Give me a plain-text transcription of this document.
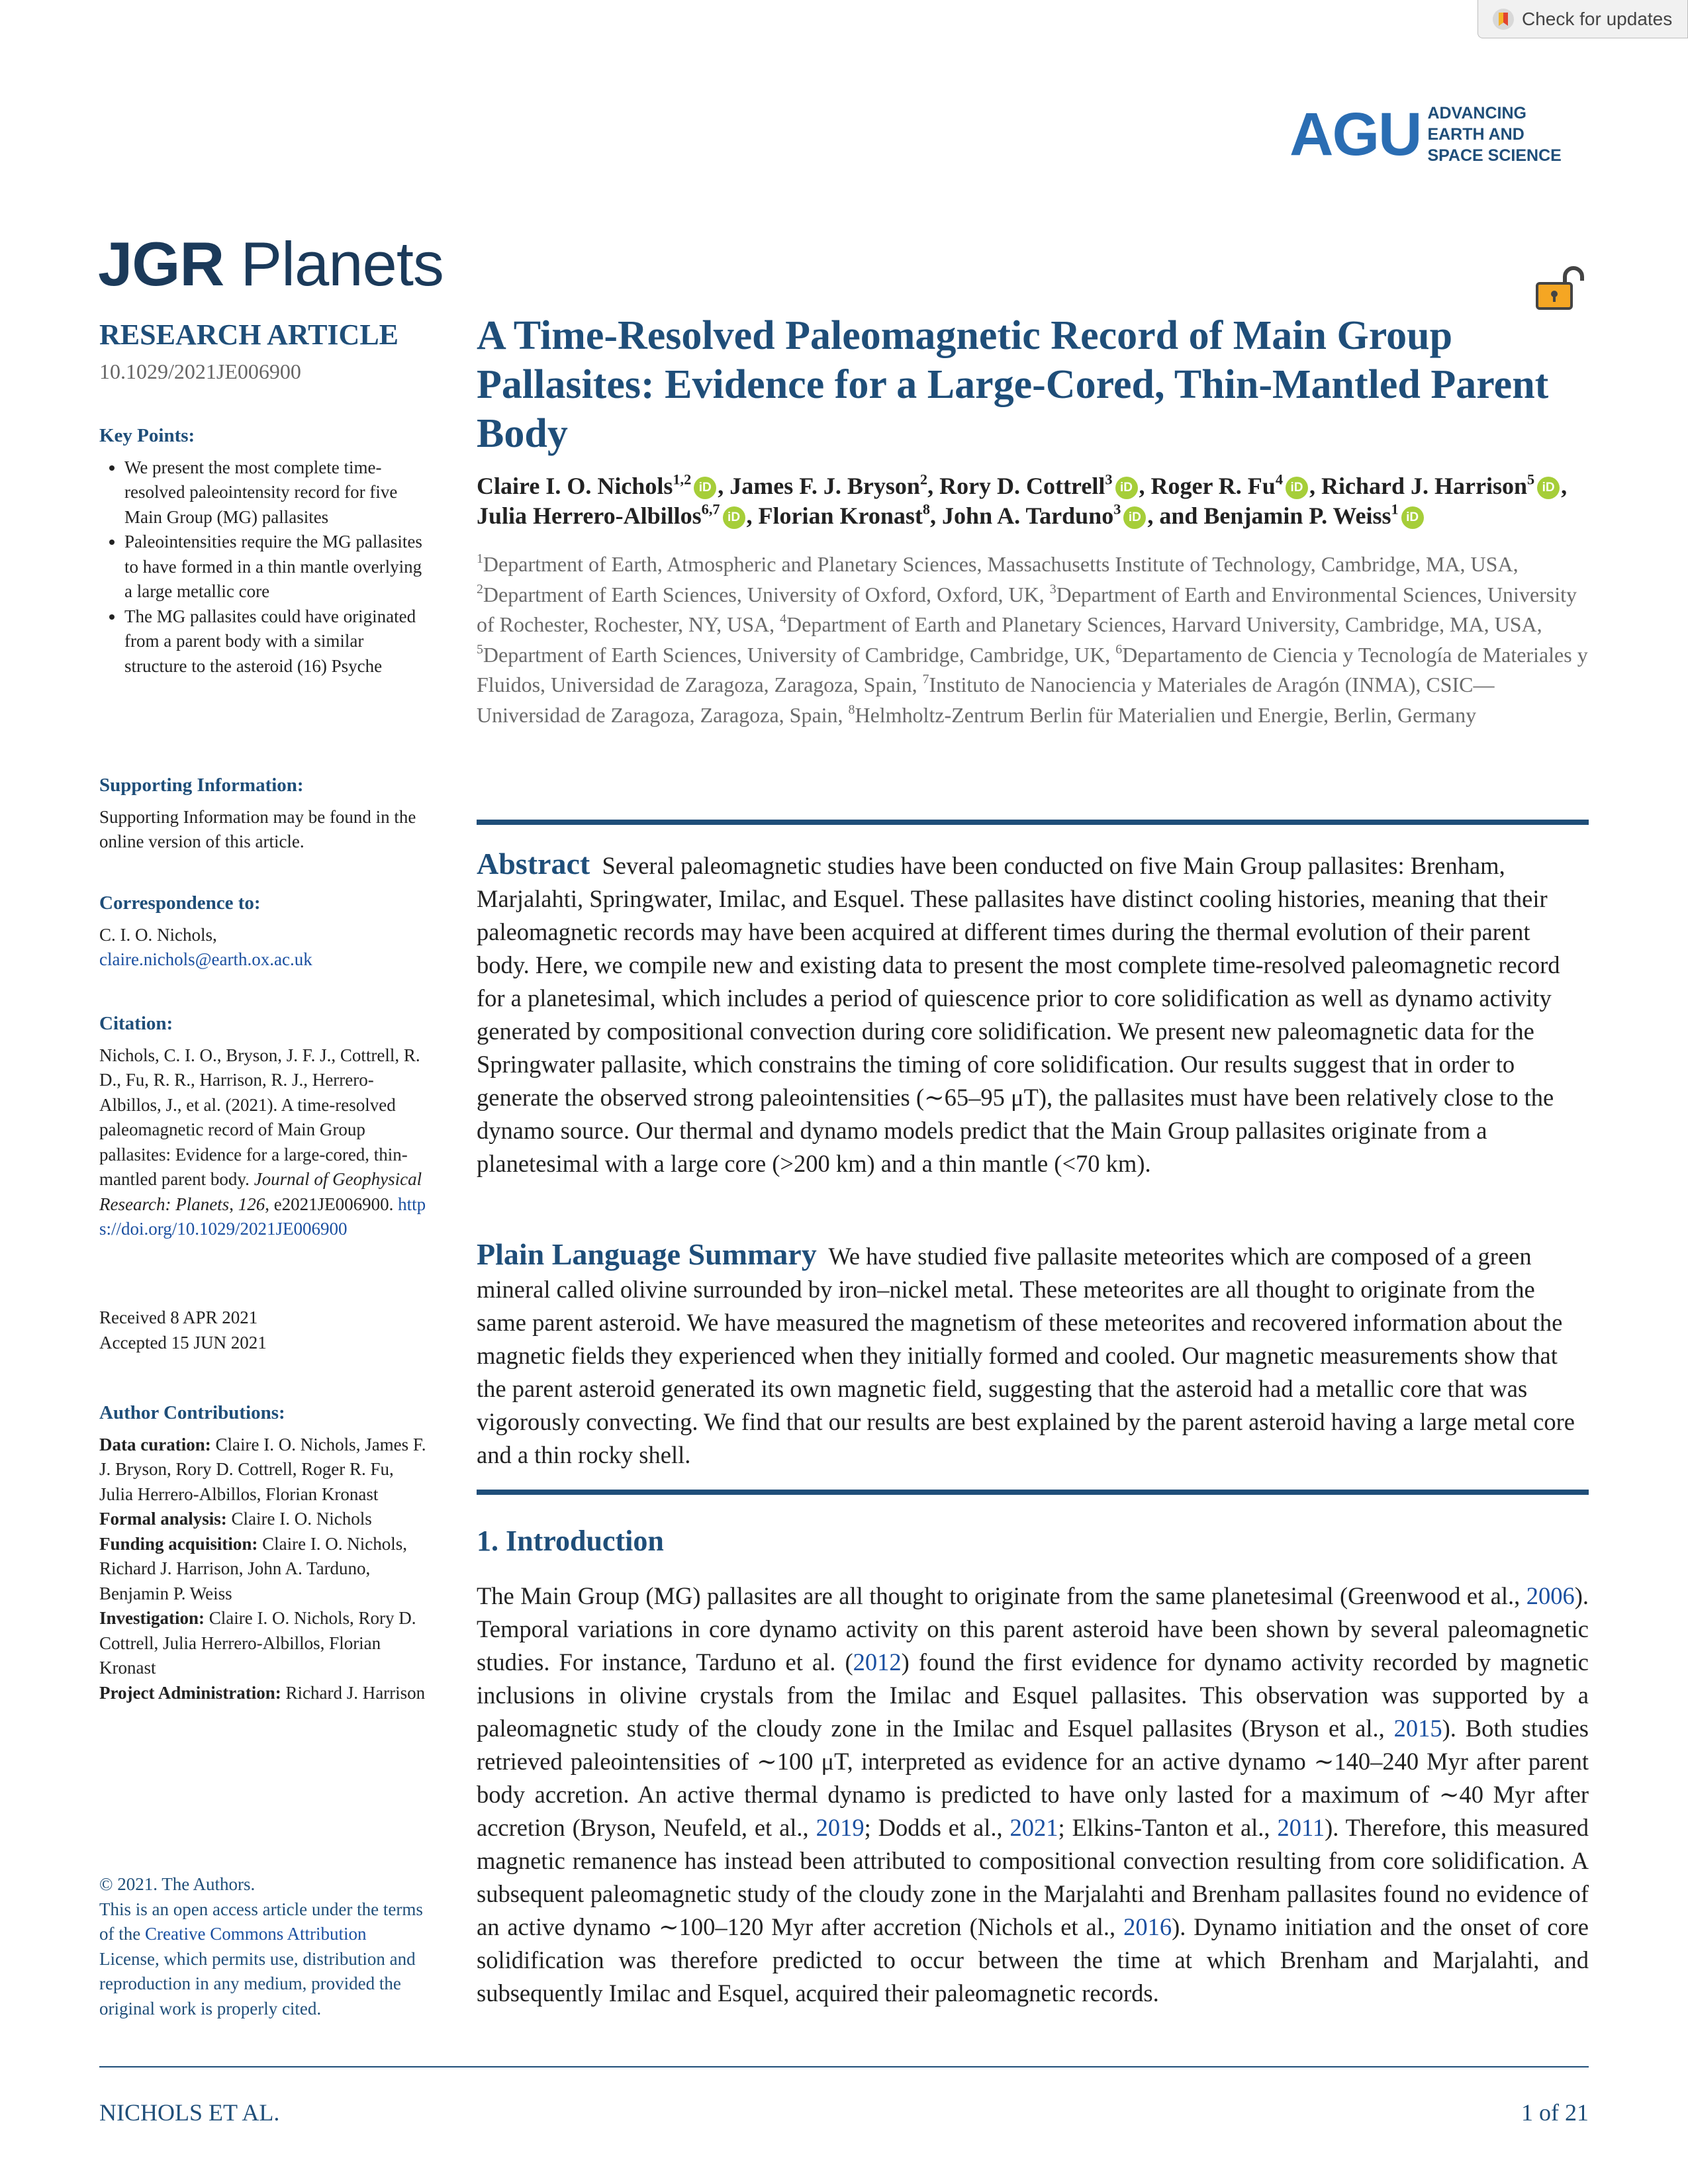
Check for updates
AGU ADVANCING
EARTH AND
SPACE SCIENCE
JGR Planets
RESEARCH ARTICLE
10.1029/2021JE006900
Key Points:
• We present the most complete time-resolved paleointensity record for five Main Group (MG) pallasites
• Paleointensities require the MG pallasites to have formed in a thin mantle overlying a large metallic core
• The MG pallasites could have originated from a parent body with a similar structure to the asteroid (16) Psyche
Supporting Information:
Supporting Information may be found in the online version of this article.
Correspondence to:
C. I. O. Nichols,
claire.nichols@earth.ox.ac.uk
Citation:
Nichols, C. I. O., Bryson, J. F. J., Cottrell, R. D., Fu, R. R., Harrison, R. J., Herrero-Albillos, J., et al. (2021). A time-resolved paleomagnetic record of Main Group pallasites: Evidence for a large-cored, thin-mantled parent body. Journal of Geophysical Research: Planets, 126, e2021JE006900. https://doi.org/10.1029/2021JE006900
Received 8 APR 2021
Accepted 15 JUN 2021
Author Contributions:
Data curation: Claire I. O. Nichols, James F. J. Bryson, Rory D. Cottrell, Roger R. Fu, Julia Herrero-Albillos, Florian Kronast
Formal analysis: Claire I. O. Nichols
Funding acquisition: Claire I. O. Nichols, Richard J. Harrison, John A. Tarduno, Benjamin P. Weiss
Investigation: Claire I. O. Nichols, Rory D. Cottrell, Julia Herrero-Albillos, Florian Kronast
Project Administration: Richard J. Harrison
© 2021. The Authors.
This is an open access article under the terms of the Creative Commons Attribution License, which permits use, distribution and reproduction in any medium, provided the original work is properly cited.
A Time-Resolved Paleomagnetic Record of Main Group Pallasites: Evidence for a Large-Cored, Thin-Mantled Parent Body
Claire I. O. Nichols$^{1,2}$ iD , James F. J. Bryson$^2$, Rory D. Cottrell$^3$ iD , Roger R. Fu$^4$ iD , Richard J. Harrison$^5$ iD , Julia Herrero-Albillos$^{6,7}$ iD , Florian Kronast$^8$, John A. Tarduno$^3$ iD , and Benjamin P. Weiss$^1$ iD
$^1$Department of Earth, Atmospheric and Planetary Sciences, Massachusetts Institute of Technology, Cambridge, MA, USA, $^2$Department of Earth Sciences, University of Oxford, Oxford, UK, $^3$Department of Earth and Environmental Sciences, University of Rochester, Rochester, NY, USA, $^4$Department of Earth and Planetary Sciences, Harvard University, Cambridge, MA, USA, $^5$Department of Earth Sciences, University of Cambridge, Cambridge, UK, $^6$Departamento de Ciencia y Tecnología de Materiales y Fluidos, Universidad de Zaragoza, Zaragoza, Spain, $^7$Instituto de Nanociencia y Materiales de Aragón (INMA), CSIC—Universidad de Zaragoza, Zaragoza, Spain, $^8$Helmholtz-Zentrum Berlin für Materialien und Energie, Berlin, Germany
Abstract Several paleomagnetic studies have been conducted on five Main Group pallasites: Brenham, Marjalahti, Springwater, Imilac, and Esquel. These pallasites have distinct cooling histories, meaning that their paleomagnetic records may have been acquired at different times during the thermal evolution of their parent body. Here, we compile new and existing data to present the most complete time-resolved paleomagnetic record for a planetesimal, which includes a period of quiescence prior to core solidification as well as dynamo activity generated by compositional convection during core solidification. We present new paleomagnetic data for the Springwater pallasite, which constrains the timing of core solidification. Our results suggest that in order to generate the observed strong paleointensities (∼65–95 μT), the pallasites must have been relatively close to the dynamo source. Our thermal and dynamo models predict that the Main Group pallasites originate from a planetesimal with a large core (>200 km) and a thin mantle (<70 km).
Plain Language Summary We have studied five pallasite meteorites which are composed of a green mineral called olivine surrounded by iron–nickel metal. These meteorites are all thought to originate from the same parent asteroid. We have measured the magnetism of these meteorites and recovered information about the magnetic fields they experienced when they initially formed and cooled. Our magnetic measurements show that the parent asteroid generated its own magnetic field, suggesting that the asteroid had a metallic core that was vigorously convecting. We find that our results are best explained by the parent asteroid having a large metal core and a thin rocky shell.
1. Introduction
The Main Group (MG) pallasites are all thought to originate from the same planetesimal (Greenwood et al., 2006). Temporal variations in core dynamo activity on this parent asteroid have been shown by several paleomagnetic studies. For instance, Tarduno et al. (2012) found the first evidence for dynamo activity recorded by magnetic inclusions in olivine crystals from the Imilac and Esquel pallasites. This observation was supported by a paleomagnetic study of the cloudy zone in the Imilac and Esquel pallasites (Bryson et al., 2015). Both studies retrieved paleointensities of ∼100 μT, interpreted as evidence for an active dynamo ∼140–240 Myr after parent body accretion. An active thermal dynamo is predicted to have only lasted for a maximum of ∼40 Myr after accretion (Bryson, Neufeld, et al., 2019; Dodds et al., 2021; Elkins-Tanton et al., 2011). Therefore, this measured magnetic remanence has instead been attributed to compositional convection resulting from core solidification. A subsequent paleomagnetic study of the cloudy zone in the Marjalahti and Brenham pallasites found no evidence of an active dynamo ∼100–120 Myr after accretion (Nichols et al., 2016). Dynamo initiation and the onset of core solidification was therefore predicted to occur between the time at which Brenham and Marjalahti, and subsequently Imilac and Esquel, acquired their paleomagnetic records.
NICHOLS ET AL.	1 of 21
